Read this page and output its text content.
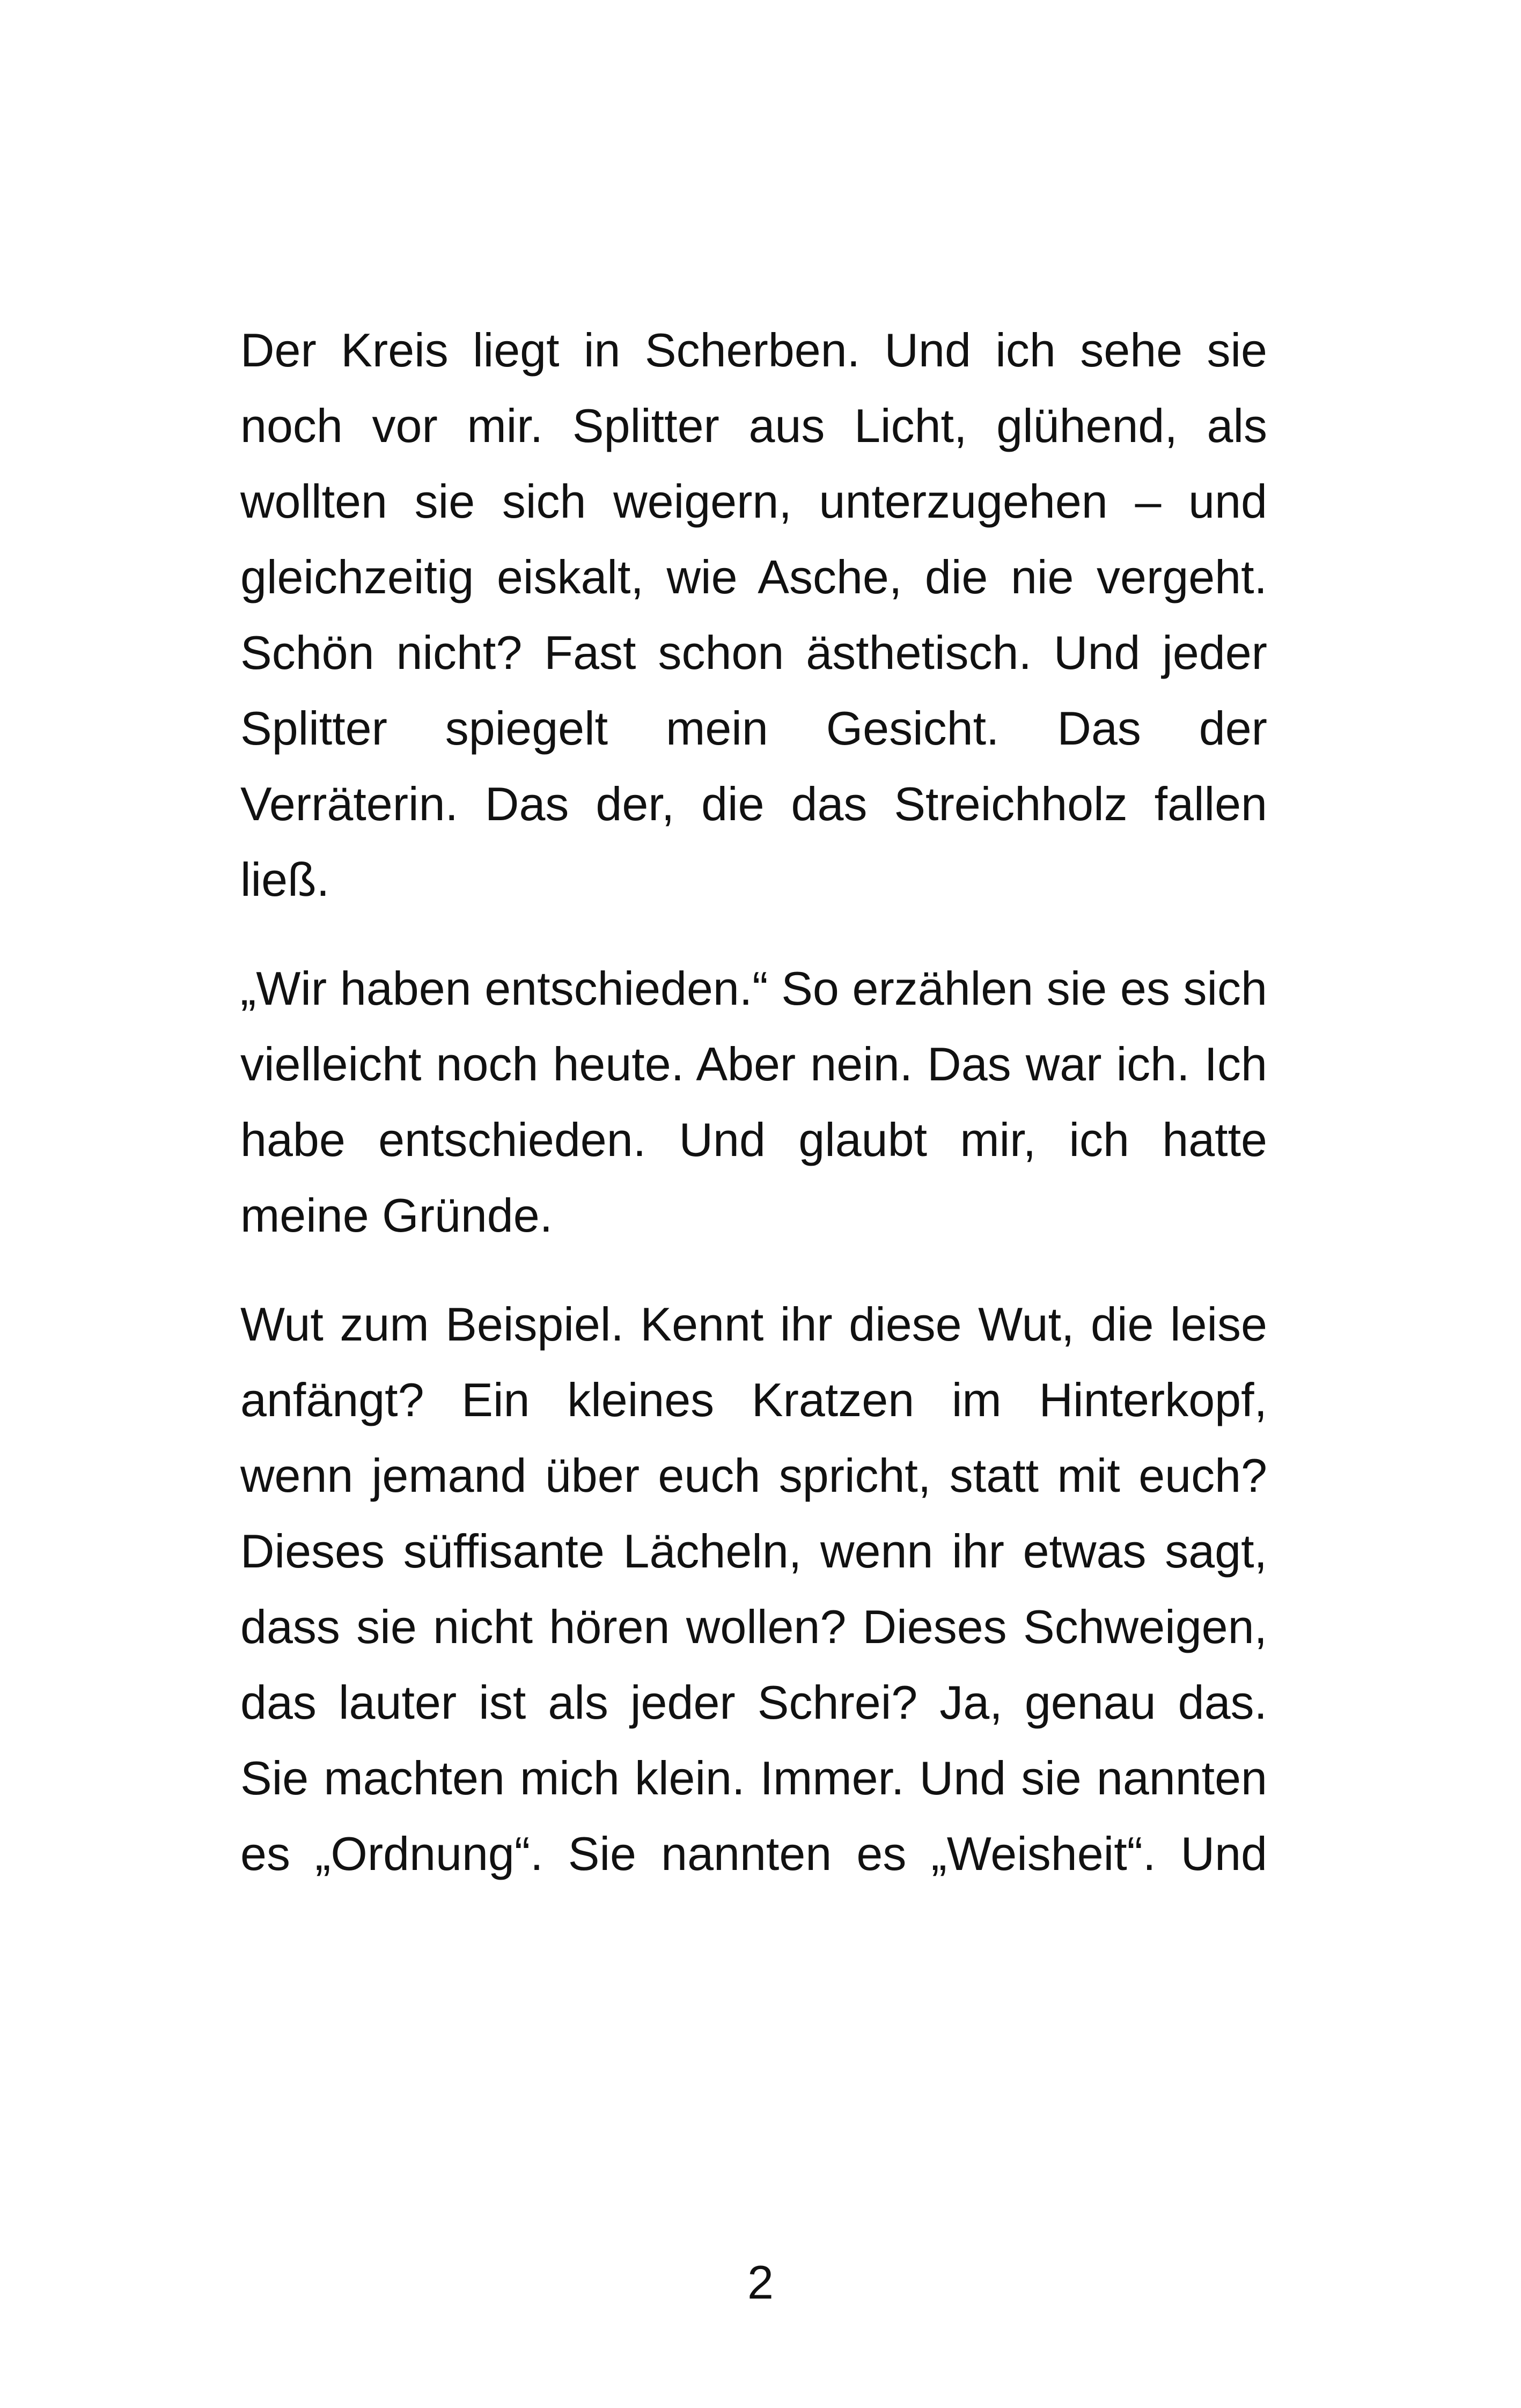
Der Kreis liegt in Scherben. Und ich sehe sie noch vor mir. Splitter aus Licht, glühend, als wollten sie sich weigern, unterzugehen – und gleichzeitig eiskalt, wie Asche, die nie vergeht. Schön nicht? Fast schon ästhetisch. Und jeder Splitter spiegelt mein Gesicht. Das der Verräterin. Das der, die das Streichholz fallen ließ.

„Wir haben entschieden.“ So erzählen sie es sich vielleicht noch heute. Aber nein. Das war ich. Ich habe entschieden. Und glaubt mir, ich hatte meine Gründe.

Wut zum Beispiel. Kennt ihr diese Wut, die leise anfängt? Ein kleines Kratzen im Hinterkopf, wenn jemand über euch spricht, statt mit euch? Dieses süffisante Lächeln, wenn ihr etwas sagt, dass sie nicht hören wollen? Dieses Schweigen, das lauter ist als jeder Schrei? Ja, genau das. Sie machten mich klein. Immer. Und sie nannten es „Ordnung“. Sie nannten es „Weisheit“. Und

2
